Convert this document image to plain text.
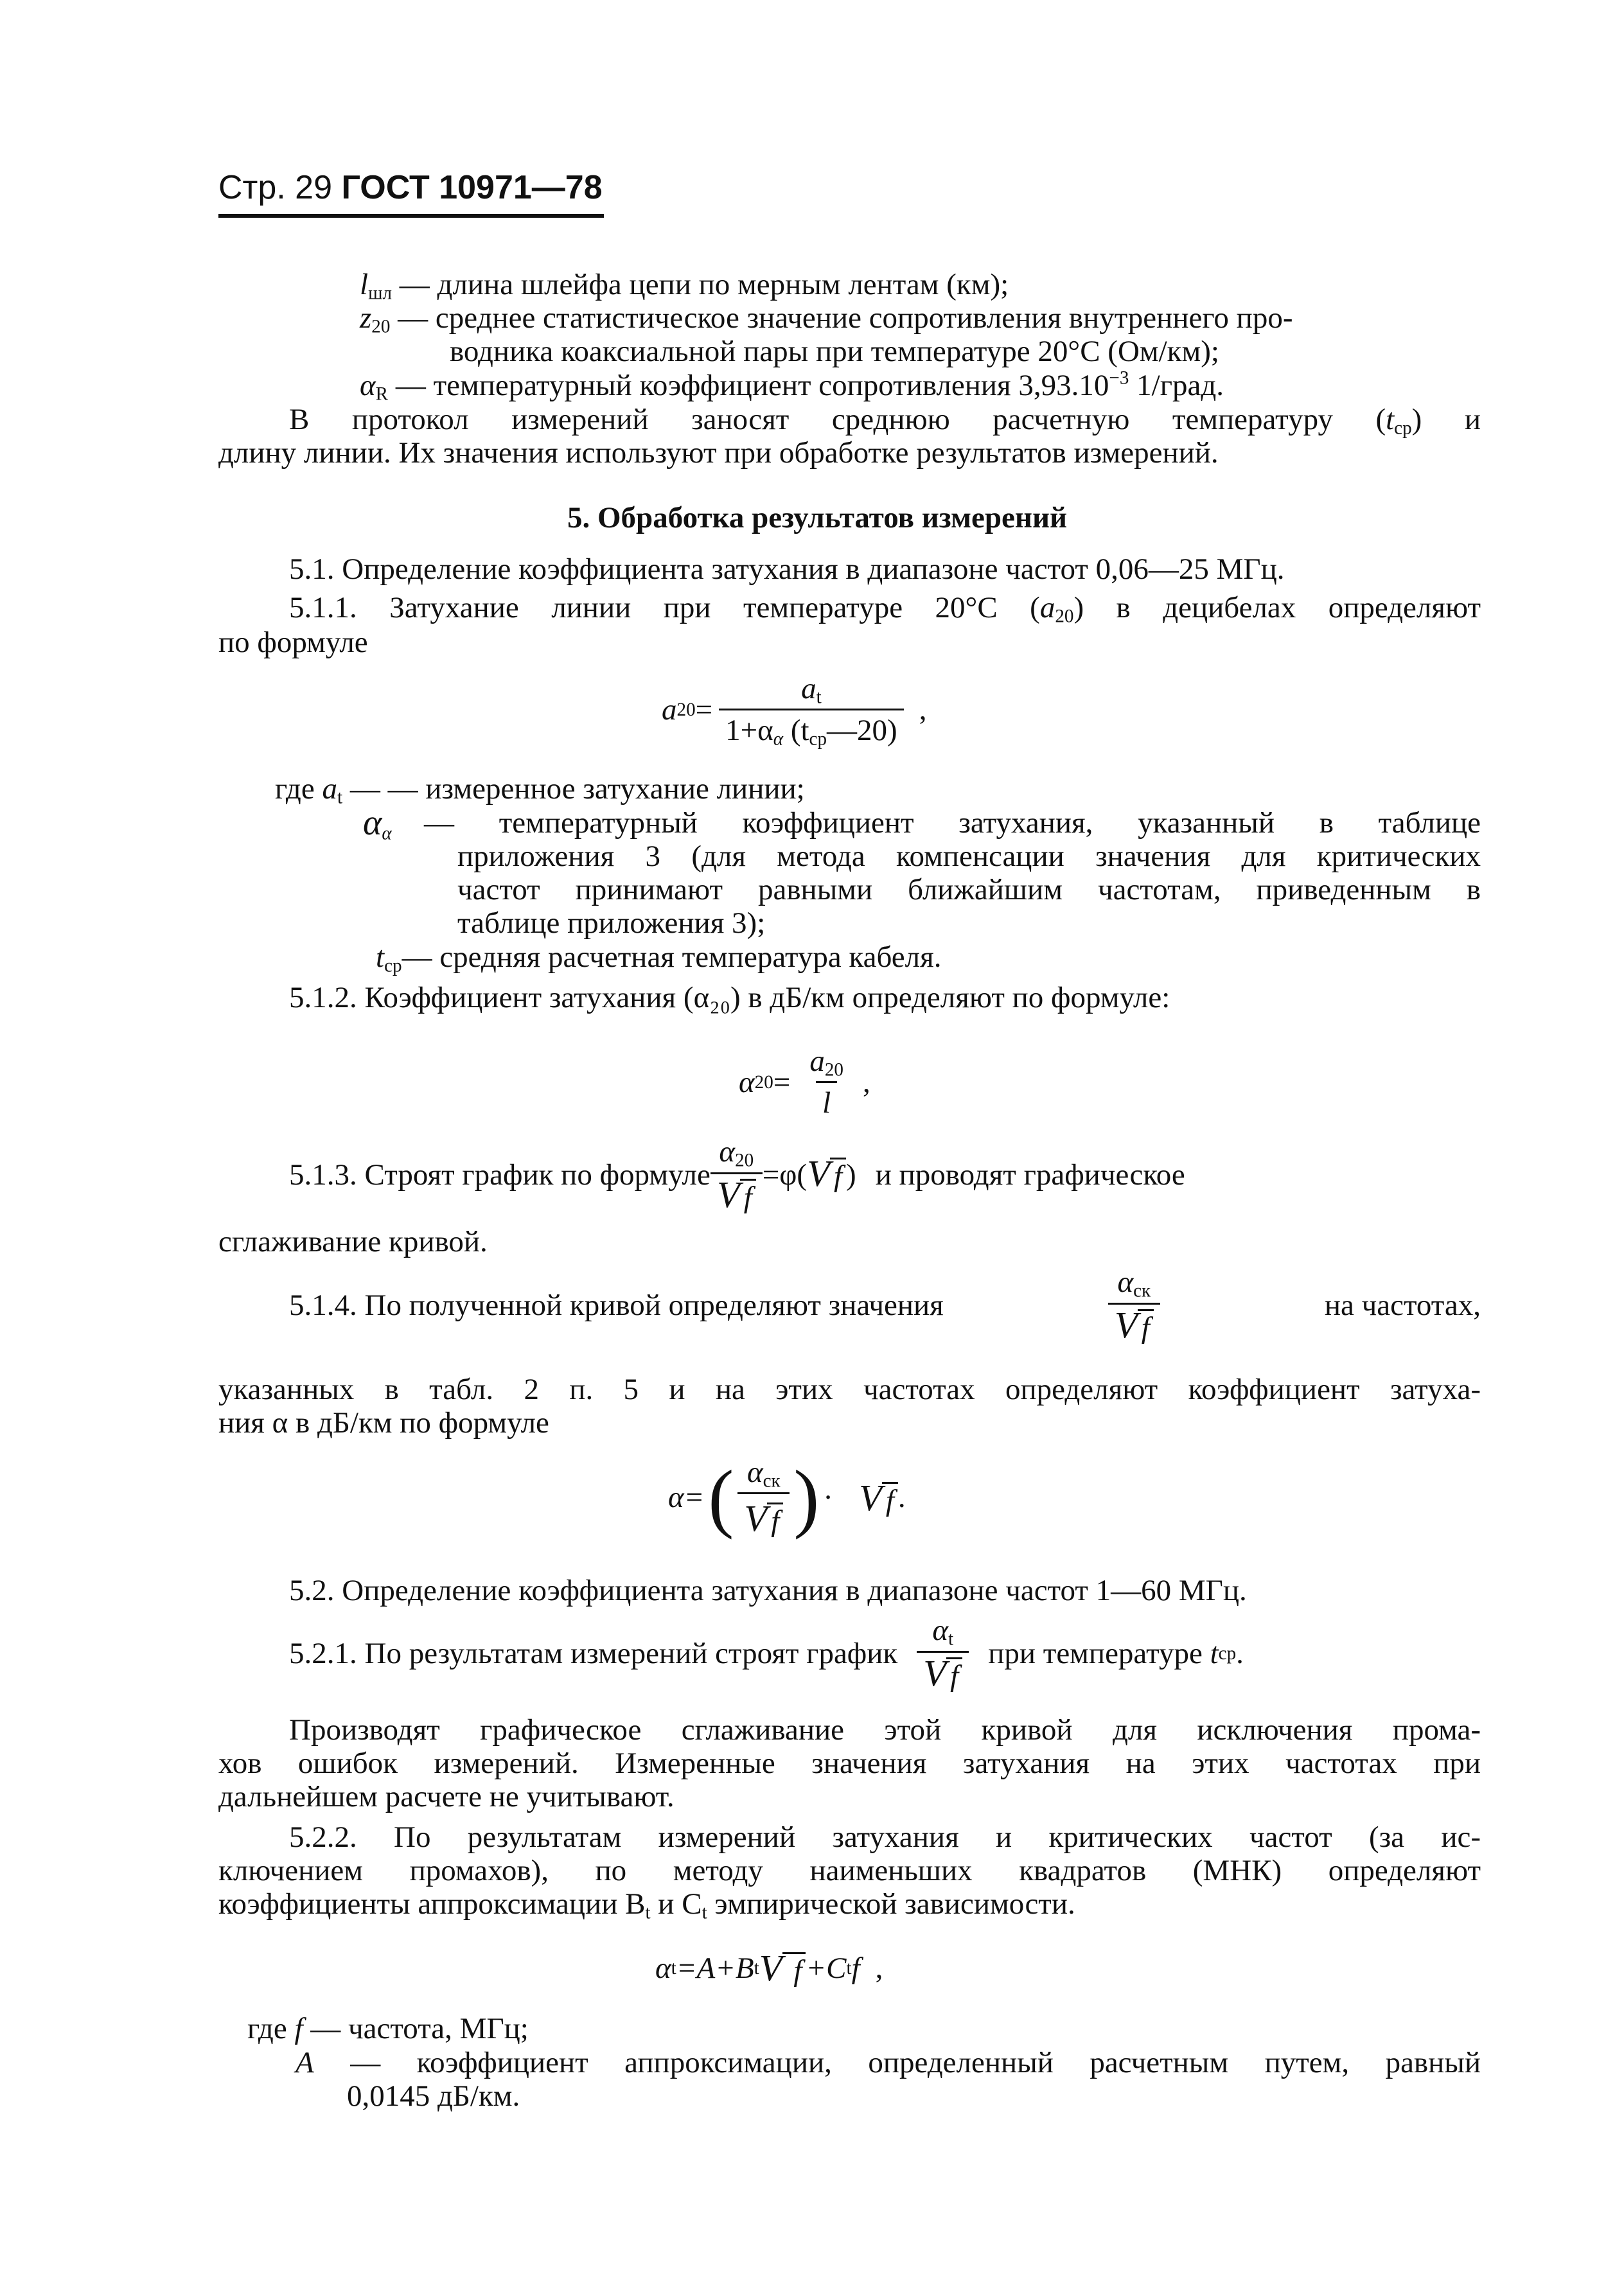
Стр. 29 ГОСТ 10971—78
$l_{шл}$ — длина шлейфа цепи по мерным лентам (км);
$z_{20}$ — среднее статистическое значение сопротивления внутреннего про-
водника коаксиальной пары при температуре 20°С (Ом/км);
$\alpha_R$ — температурный коэффициент сопротивления $3,93.10^{-3}$ 1/град.
В протокол измерений заносят среднюю расчетную температуру $(t_{ср})$ и
длину линии. Их значения используют при обработке результатов измерений.
5. Обработка результатов измерений
5.1. Определение коэффициента затухания в диапазоне частот 0,06—25 МГц.
5.1.1. Затухание линии при температуре 20°С $(a_{20})$ в децибелах определяют
по формуле
a $20 = \frac{a_t}{1+\alpha_\alpha (t_{ср}—20)}$ ,
где $a_t$ — — измеренное затухание линии;
$\alpha_\alpha$ — температурный коэффициент затухания, указанный в таблице
приложения 3 (для метода компенсации значения для критических
частот принимают равными ближайшим частотам, приведенным в
таблице приложения 3);
$t_{ср}—$ средняя расчетная температура кабеля.
5.1.2. Коэффициент затухания (α₂₀) в дБ/км определяют по формуле:
α $20 = \frac{a_{20}}{l}$ ,
5.1.3. Строят график по формуле $\frac{\alpha_{20}}{\text{V f}} =\varphi$( V f ) и проводят графическое
сглаживание кривой.
5.1.4. По полученной кривой определяют значения	$\frac{\alpha_{ск}}{\text{V f}}$	на частотах,
указанных в табл. 2 п. 5 и на этих частотах определяют коэффициент затуха-
ния α в дБ/км по формуле
α= ( $\frac{\alpha_{ск}}{\text{V f}}$ ) · V f .
5.2. Определение коэффициента затухания в диапазоне частот 1—60 МГц.
5.2.1. По результатам измерений строят график $\frac{\alpha_t}{\text{V f}}$ при температуре
t ср .
Производят графическое сглаживание этой кривой для исключения прома-
хов ошибок измерений. Измеренные значения затухания на этих частотах при
дальнейшем расчете не учитывают.
5.2.2. По результатам измерений затухания и критических частот (за ис-
ключением промахов), по методу наименьших квадратов (МНК) определяют
коэффициенты аппроксимации $B_t$ и $C_t$ эмпирической зависимости.
α t =A+B t V f +C t f ,
где f — частота, МГц;
A — коэффициент аппроксимации, определенный расчетным путем, равный
0,0145 дБ/км.
